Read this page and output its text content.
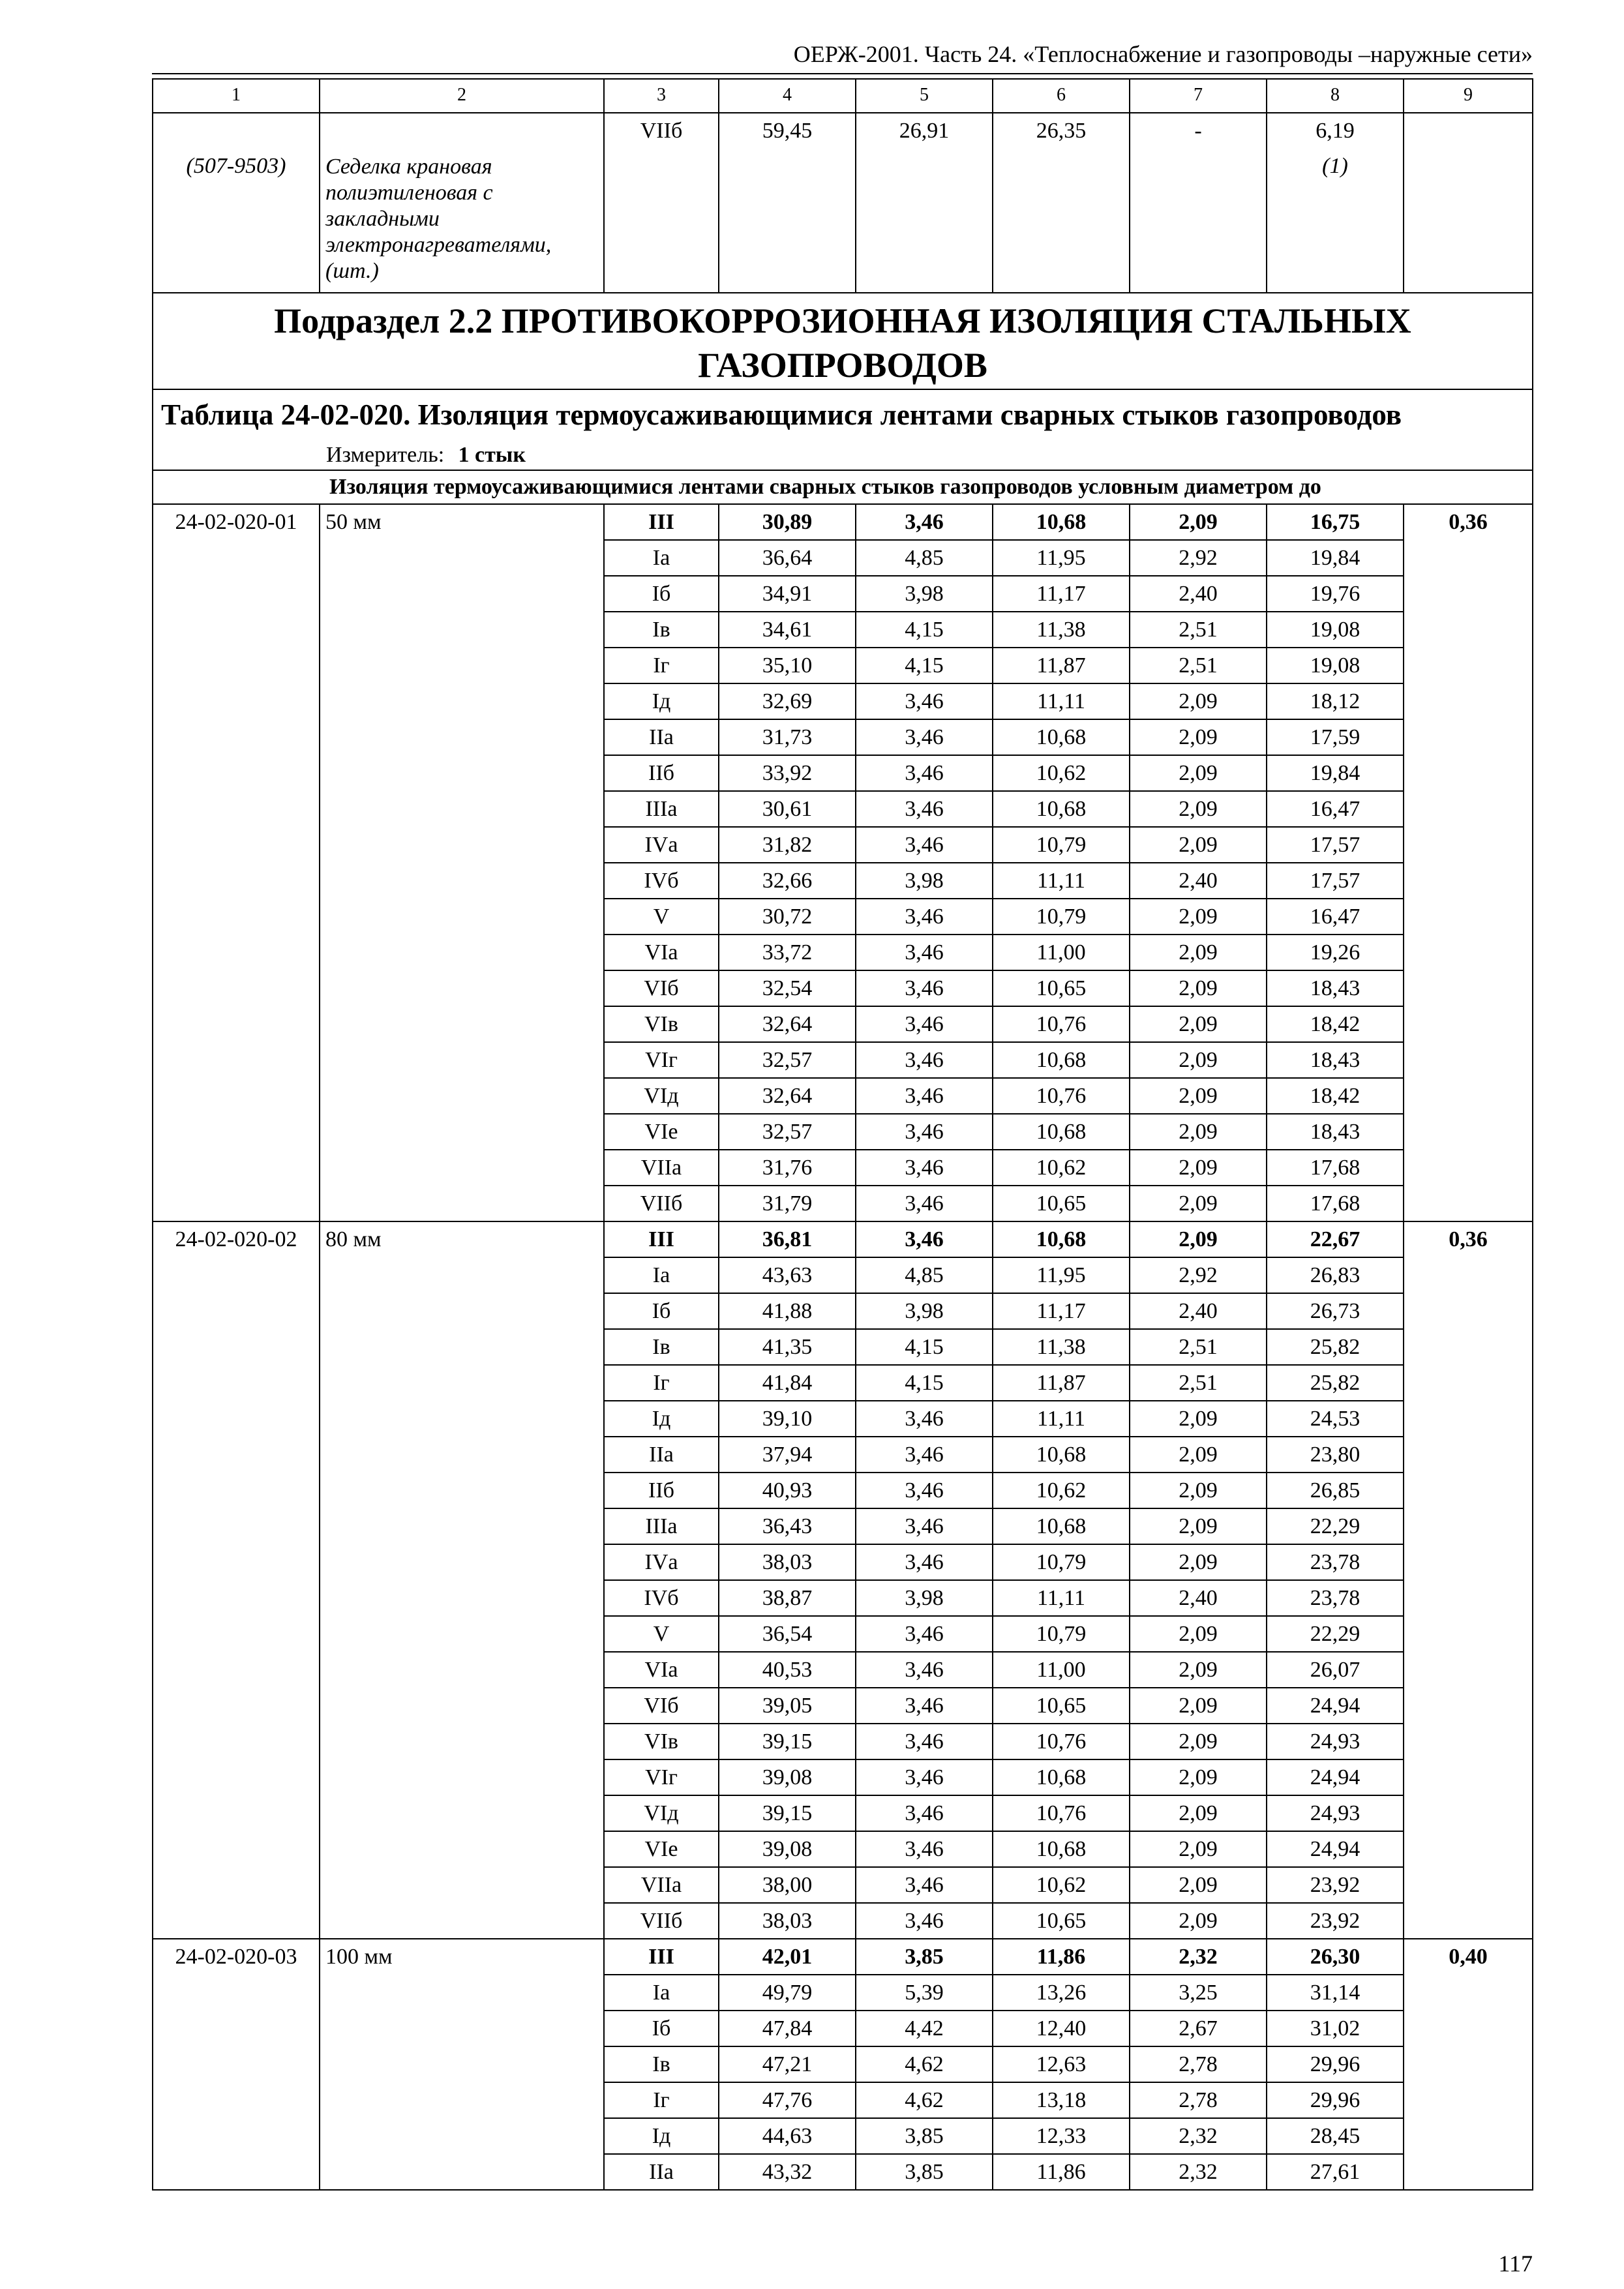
ОЕРЖ-2001. Часть 24. «Теплоснабжение и газопроводы –наружные сети»
1	2	3	4	5	6	7	8	9

(507-9503)	Седелка крановая полиэтиленовая с закладными электронагревателями, (шт.)	VIIб	59,45	26,91	26,35	-	6,19
(1)	

Подраздел 2.2 ПРОТИВОКОРРОЗИОННАЯ ИЗОЛЯЦИЯ СТАЛЬНЫХ ГАЗОПРОВОДОВ								

Таблица 24-02-020. Изоляция термоусаживающимися лентами сварных стыков газопроводов
Измеритель: 1 стык								

Изоляция термоусаживающимися лентами сварных стыков газопроводов условным диаметром до								
24-02-020-01	50 мм	III	30,89	3,46	10,68	2,09	16,75	0,36
		Iа	36,64	4,85	11,95	2,92	19,84	
		Iб	34,91	3,98	11,17	2,40	19,76	
		Iв	34,61	4,15	11,38	2,51	19,08	
		Iг	35,10	4,15	11,87	2,51	19,08	
		Iд	32,69	3,46	11,11	2,09	18,12	
		IIа	31,73	3,46	10,68	2,09	17,59	
		IIб	33,92	3,46	10,62	2,09	19,84	
		IIIа	30,61	3,46	10,68	2,09	16,47	
		IVа	31,82	3,46	10,79	2,09	17,57	
		IVб	32,66	3,98	11,11	2,40	17,57	
		V	30,72	3,46	10,79	2,09	16,47	
		VIа	33,72	3,46	11,00	2,09	19,26	
		VIб	32,54	3,46	10,65	2,09	18,43	
		VIв	32,64	3,46	10,76	2,09	18,42	
		VIг	32,57	3,46	10,68	2,09	18,43	
		VIд	32,64	3,46	10,76	2,09	18,42	
		VIе	32,57	3,46	10,68	2,09	18,43	
		VIIа	31,76	3,46	10,62	2,09	17,68	
		VIIб	31,79	3,46	10,65	2,09	17,68	
24-02-020-02	80 мм	III	36,81	3,46	10,68	2,09	22,67	0,36
		Iа	43,63	4,85	11,95	2,92	26,83	
		Iб	41,88	3,98	11,17	2,40	26,73	
		Iв	41,35	4,15	11,38	2,51	25,82	
		Iг	41,84	4,15	11,87	2,51	25,82	
		Iд	39,10	3,46	11,11	2,09	24,53	
		IIа	37,94	3,46	10,68	2,09	23,80	
		IIб	40,93	3,46	10,62	2,09	26,85	
		IIIа	36,43	3,46	10,68	2,09	22,29	
		IVа	38,03	3,46	10,79	2,09	23,78	
		IVб	38,87	3,98	11,11	2,40	23,78	
		V	36,54	3,46	10,79	2,09	22,29	
		VIа	40,53	3,46	11,00	2,09	26,07	
		VIб	39,05	3,46	10,65	2,09	24,94	
		VIв	39,15	3,46	10,76	2,09	24,93	
		VIг	39,08	3,46	10,68	2,09	24,94	
		VIд	39,15	3,46	10,76	2,09	24,93	
		VIе	39,08	3,46	10,68	2,09	24,94	
		VIIа	38,00	3,46	10,62	2,09	23,92	
		VIIб	38,03	3,46	10,65	2,09	23,92	
24-02-020-03	100 мм	III	42,01	3,85	11,86	2,32	26,30	0,40
		Iа	49,79	5,39	13,26	3,25	31,14	
		Iб	47,84	4,42	12,40	2,67	31,02	
		Iв	47,21	4,62	12,63	2,78	29,96	
		Iг	47,76	4,62	13,18	2,78	29,96	
		Iд	44,63	3,85	12,33	2,32	28,45	
		IIа	43,32	3,85	11,86	2,32	27,61	
117
